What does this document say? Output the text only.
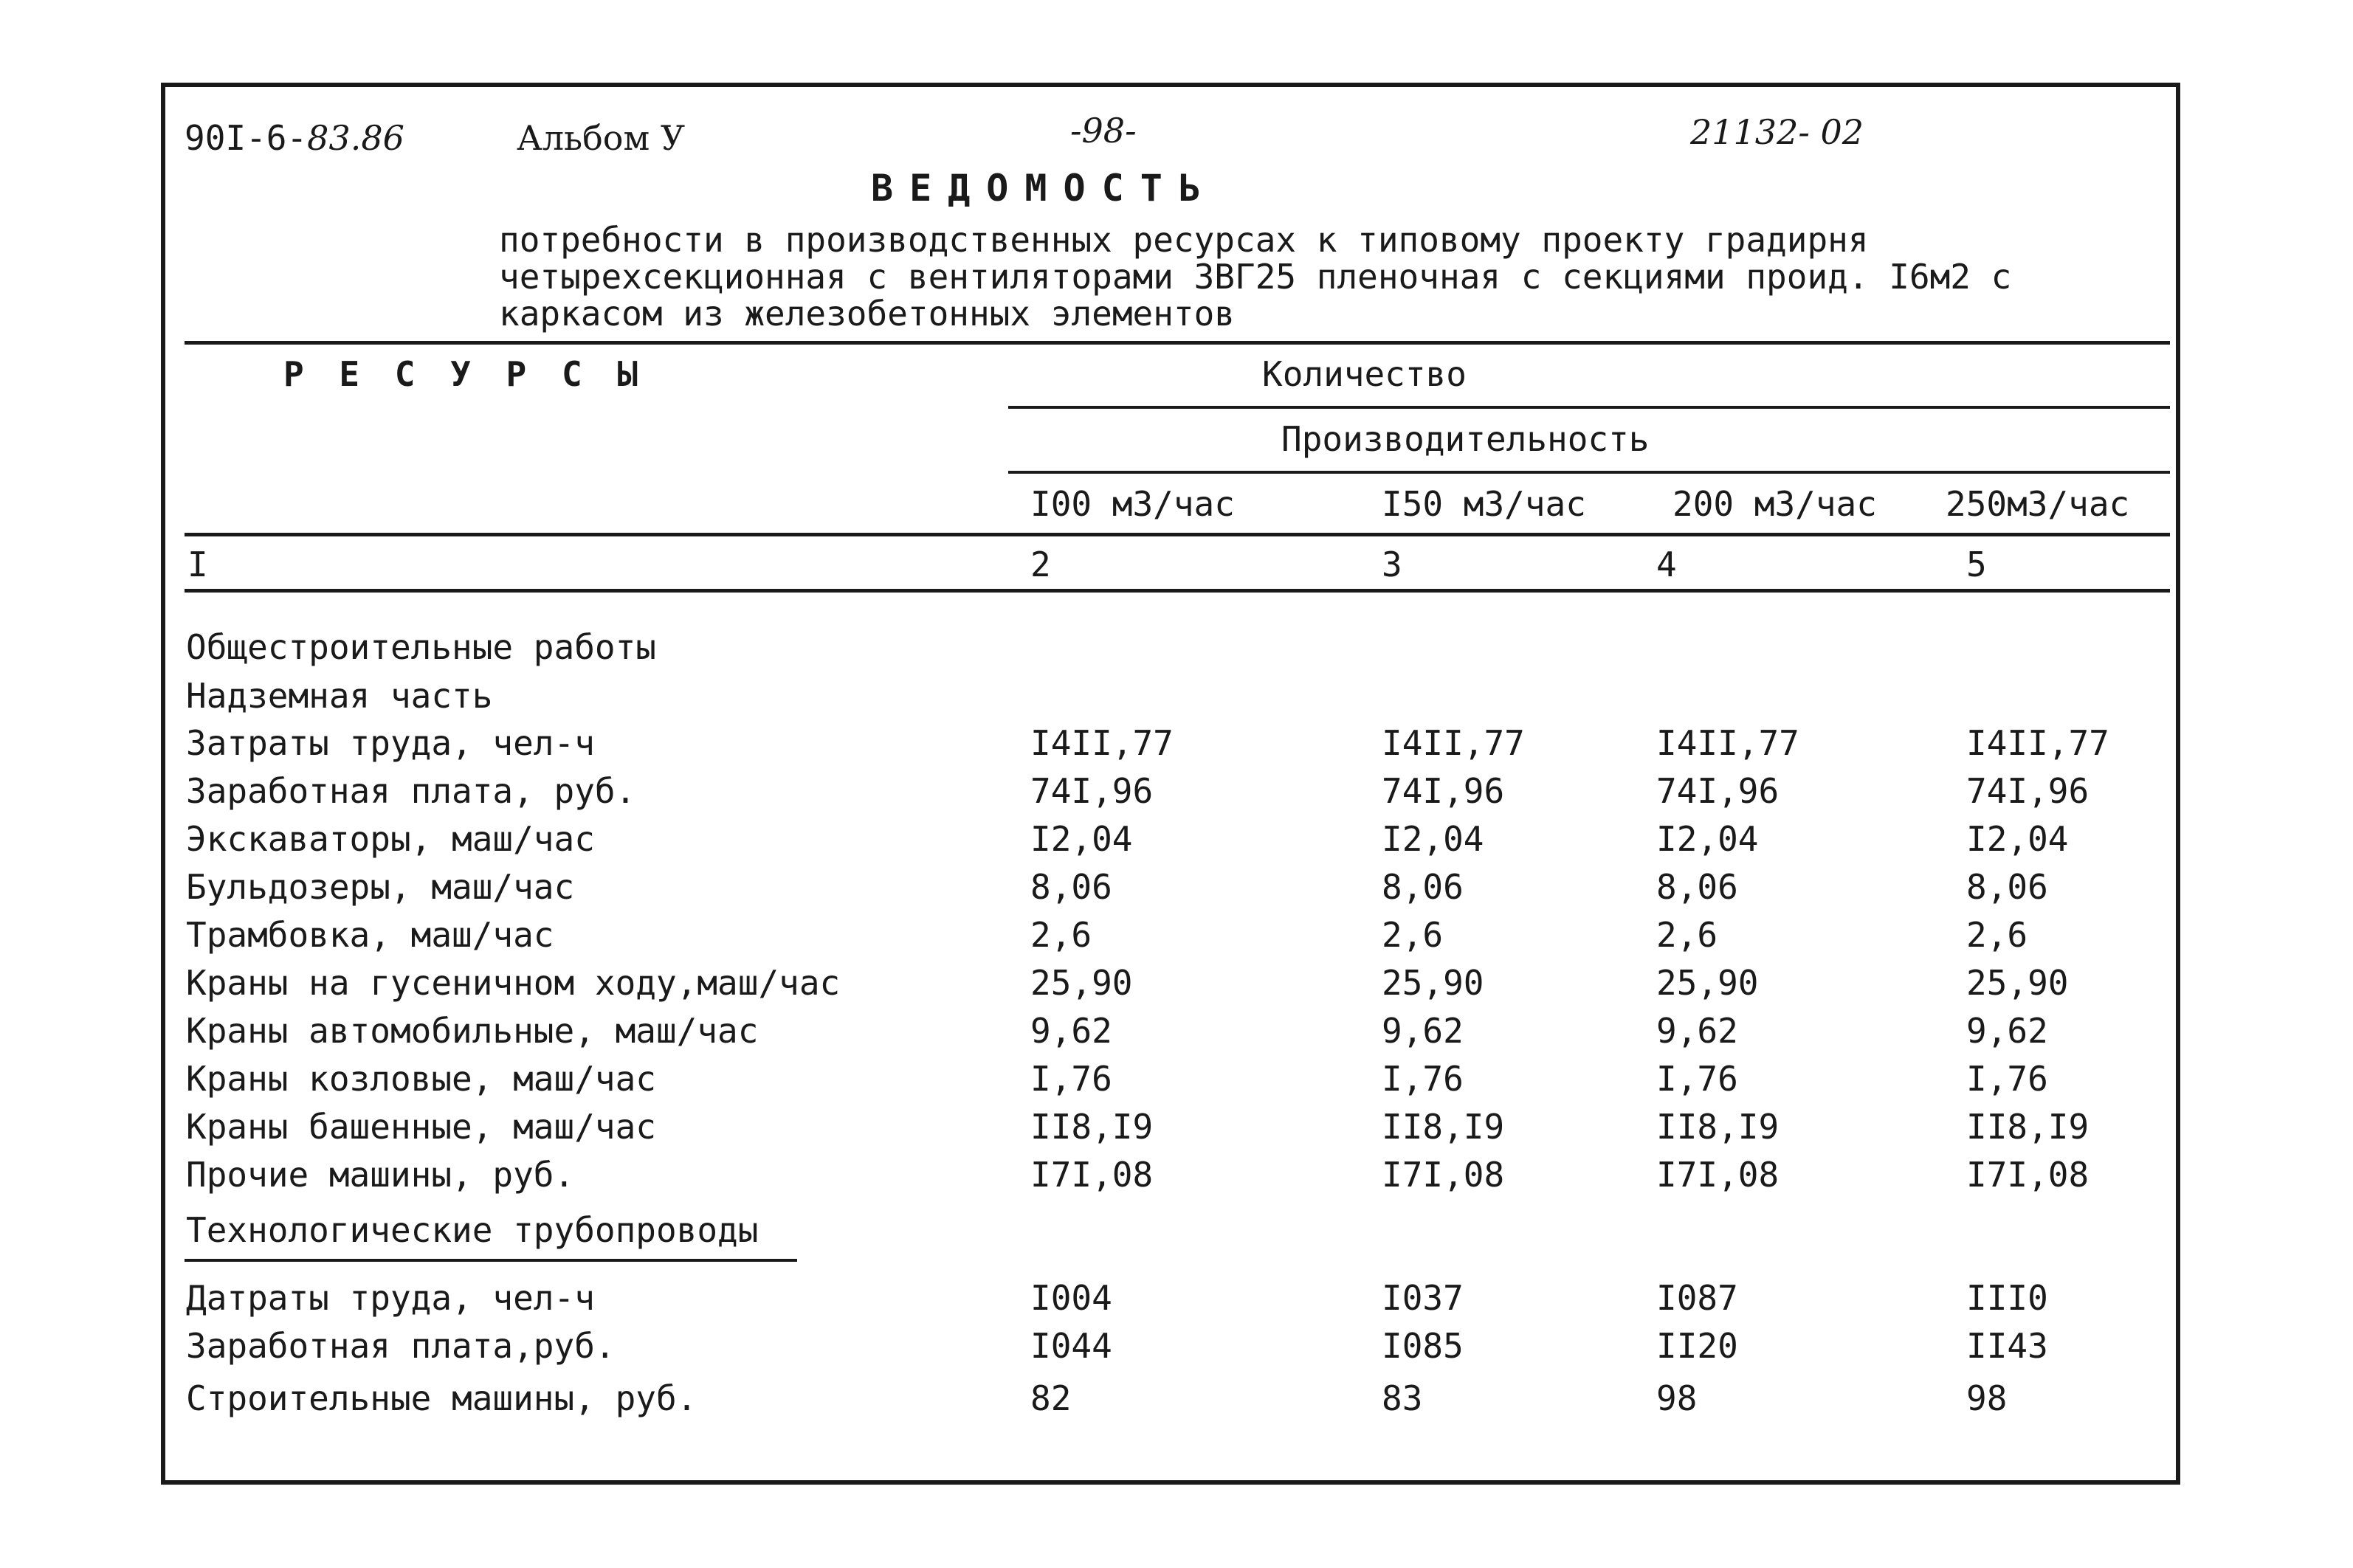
90I-6-83.86	Альбом У	-98-	21132- 02
ВЕДОМОСТЬ
потребности в производственных ресурсах к типовому проекту градирня
четырехсекционная с вентиляторами 3ВГ25 пленочная с секциями проид. I6м2 с
каркасом из железобетонных элементов
Р Е С У Р С Ы	Количество
Производительность
I00 м3/час	I50 м3/час	200 м3/час 250м3/час
I	2	3	4	5
Общестроительные работы
Надземная часть
Затраты труда, чел-ч	I4II,77	I4II,77	I4II,77	I4II,77
Заработная плата, руб.	74I,96	74I,96	74I,96	74I,96
Экскаваторы, маш/час	I2,04	I2,04	I2,04	I2,04
Бульдозеры, маш/час	8,06	8,06	8,06	8,06
Трамбовка, маш/час	2,6	2,6	2,6	2,6
Краны на гусеничном ходу,маш/час	25,90	25,90	25,90	25,90
Краны автомобильные, маш/час	9,62	9,62	9,62	9,62
Краны козловые, маш/час	I,76	I,76	I,76	I,76
Краны башенные, маш/час	II8,I9	II8,I9	II8,I9	II8,I9
Прочие машины, руб.	I7I,08	I7I,08	I7I,08	I7I,08
Технологические трубопроводы
Датраты труда, чел-ч	I004	I037	I087	III0
Заработная плата,руб.	I044	I085	II20	II43
Строительные машины, руб.	82	83	98	98
